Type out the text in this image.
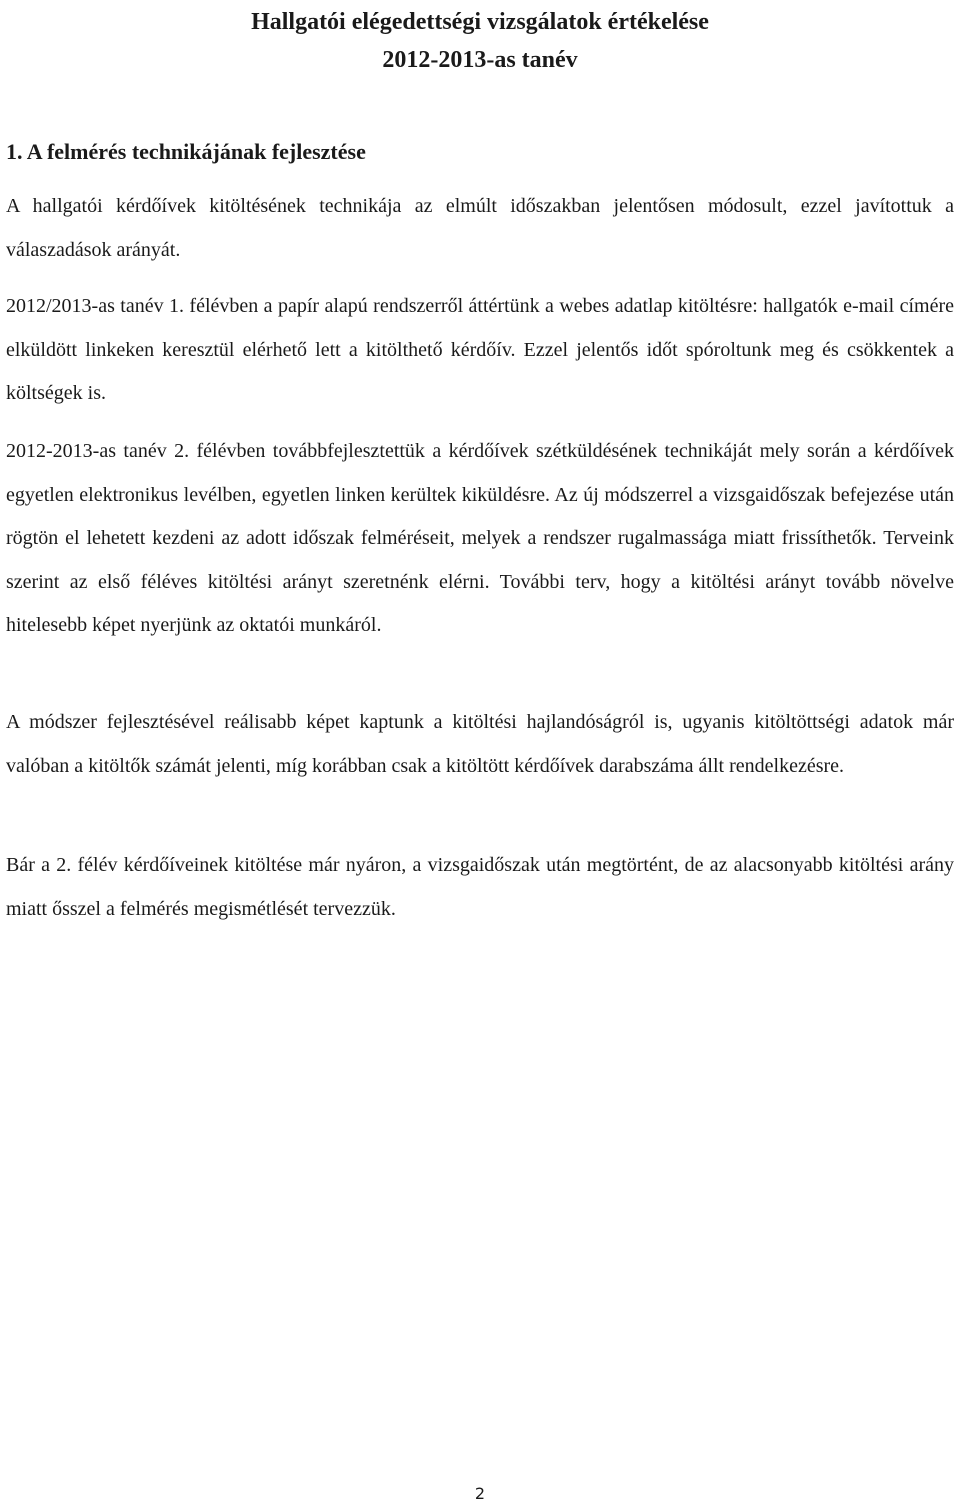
Hallgatói elégedettségi vizsgálatok értékelése
2012-2013-as tanév
1. A felmérés technikájának fejlesztése

A hallgatói kérdőívek kitöltésének technikája az elmúlt időszakban jelentősen módosult, ezzel javítottuk a válaszadások arányát.

2012/2013-as tanév 1. félévben a papír alapú rendszerről áttértünk a webes adatlap kitöltésre: hallgatók e-mail címére elküldött linkeken keresztül elérhető lett a kitölthető kérdőív. Ezzel jelentős időt spóroltunk meg és csökkentek a költségek is.

2012-2013-as tanév 2. félévben továbbfejlesztettük a kérdőívek szétküldésének technikáját mely során a kérdőívek egyetlen elektronikus levélben, egyetlen linken kerültek kiküldésre. Az új módszerrel a vizsgaidőszak befejezése után rögtön el lehetett kezdeni az adott időszak felméréseit, melyek a rendszer rugalmassága miatt frissíthetők. Terveink szerint az első féléves kitöltési arányt szeretnénk elérni. További terv, hogy a kitöltési arányt tovább növelve hitelesebb képet nyerjünk az oktatói munkáról.

A módszer fejlesztésével reálisabb képet kaptunk a kitöltési hajlandóságról is, ugyanis kitöltöttségi adatok már valóban a kitöltők számát jelenti, míg korábban csak a kitöltött kérdőívek darabszáma állt rendelkezésre.

Bár a 2. félév kérdőíveinek kitöltése már nyáron, a vizsgaidőszak után megtörtént, de az alacsonyabb kitöltési arány miatt ősszel a felmérés megismétlését tervezzük.

2
